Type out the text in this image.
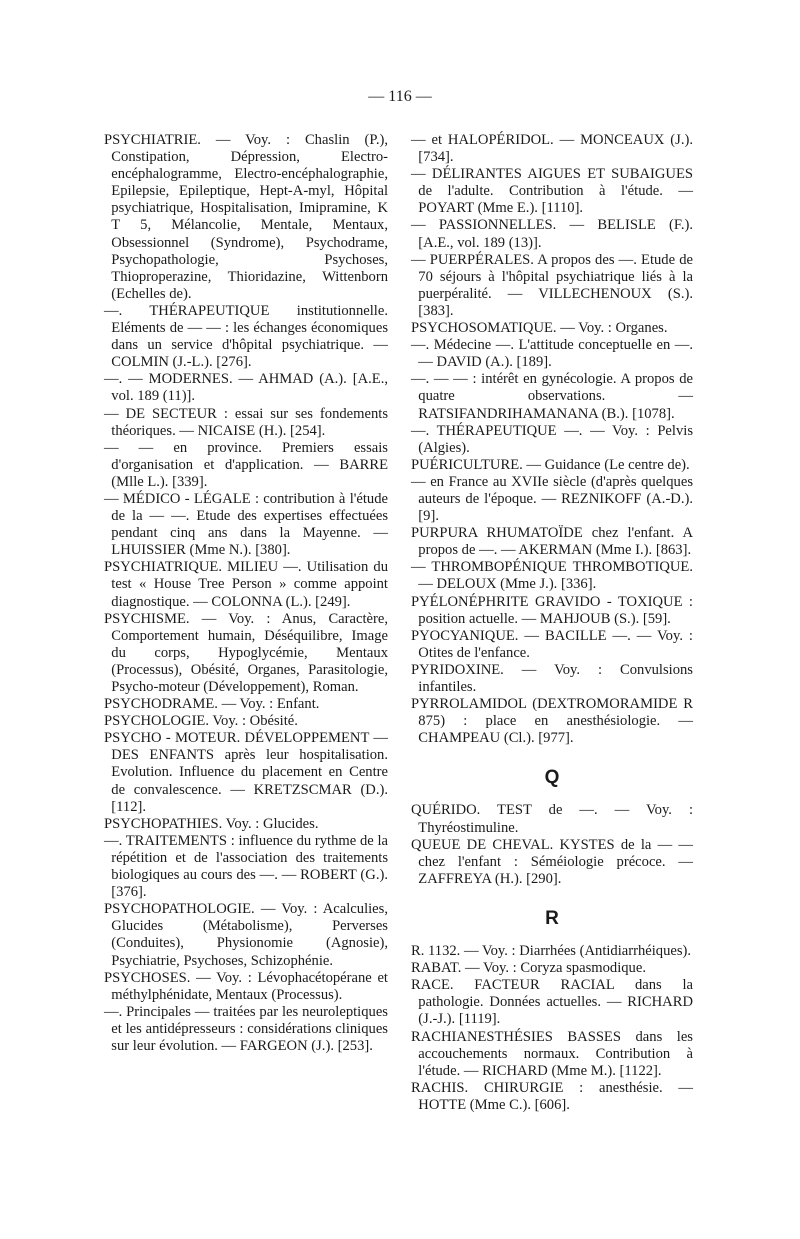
— 116 —

PSYCHIATRIE. — Voy. : Chaslin (P.), Constipation, Dépression, Electro-encéphalogramme, Electro-encéphalographie, Epilepsie, Epileptique, Hept-A-myl, Hôpital psychiatrique, Hospitalisation, Imipramine, K T 5, Mélancolie, Mentale, Mentaux, Obsessionnel (Syndrome), Psychodrame, Psychopathologie, Psychoses, Thioproperazine, Thioridazine, Wittenborn (Echelles de).

—. THÉRAPEUTIQUE institutionnelle. Eléments de — — : les échanges économiques dans un service d'hôpital psychiatrique. — COLMIN (J.-L.). [276].

—. — MODERNES. — AHMAD (A.). [A.E., vol. 189 (11)].

— DE SECTEUR : essai sur ses fondements théoriques. — NICAISE (H.). [254].

— — en province. Premiers essais d'organisation et d'application. — BARRE (Mlle L.). [339].

— MÉDICO - LÉGALE : contribution à l'étude de la — —. Etude des expertises effectuées pendant cinq ans dans la Mayenne. — LHUISSIER (Mme N.). [380].

PSYCHIATRIQUE. MILIEU —. Utilisation du test « House Tree Person » comme appoint diagnostique. — COLONNA (L.). [249].

PSYCHISME. — Voy. : Anus, Caractère, Comportement humain, Déséquilibre, Image du corps, Hypoglycémie, Mentaux (Processus), Obésité, Organes, Parasitologie, Psycho-moteur (Développement), Roman.

PSYCHODRAME. — Voy. : Enfant.

PSYCHOLOGIE. Voy. : Obésité.

PSYCHO - MOTEUR. DÉVELOPPEMENT — DES ENFANTS après leur hospitalisation. Evolution. Influence du placement en Centre de convalescence. — KRETZSCMAR (D.). [112].

PSYCHOPATHIES. Voy. : Glucides.

—. TRAITEMENTS : influence du rythme de la répétition et de l'association des traitements biologiques au cours des —. — ROBERT (G.). [376].

PSYCHOPATHOLOGIE. — Voy. : Acalculies, Glucides (Métabolisme), Perverses (Conduites), Physionomie (Agnosie), Psychiatrie, Psychoses, Schizophénie.

PSYCHOSES. — Voy. : Lévophacétopérane et méthylphénidate, Mentaux (Processus).

—. Principales — traitées par les neuroleptiques et les antidépresseurs : considérations cliniques sur leur évolution. — FARGEON (J.). [253].

— et HALOPÉRIDOL. — MONCEAUX (J.). [734].

— DÉLIRANTES AIGUES ET SUBAIGUES de l'adulte. Contribution à l'étude. — POYART (Mme E.). [1110].

— PASSIONNELLES. — BELISLE (F.). [A.E., vol. 189 (13)].

— PUERPÉRALES. A propos des —. Etude de 70 séjours à l'hôpital psychiatrique liés à la puerpéralité. — VILLECHENOUX (S.). [383].

PSYCHOSOMATIQUE. — Voy. : Organes.

—. Médecine —. L'attitude conceptuelle en —. — DAVID (A.). [189].

—. — — : intérêt en gynécologie. A propos de quatre observations. — RATSIFANDRIHAMANANA (B.). [1078].

—. THÉRAPEUTIQUE —. — Voy. : Pelvis (Algies).

PUÉRICULTURE. — Guidance (Le centre de).

— en France au XVIIe siècle (d'après quelques auteurs de l'époque. — REZNIKOFF (A.-D.). [9].

PURPURA RHUMATOÏDE chez l'enfant. A propos de —. — AKERMAN (Mme I.). [863].

— THROMBOPÉNIQUE THROMBOTIQUE. — DELOUX (Mme J.). [336].

PYÉLONÉPHRITE GRAVIDO - TOXIQUE : position actuelle. — MAHJOUB (S.). [59].

PYOCYANIQUE. — BACILLE —. — Voy. : Otites de l'enfance.

PYRIDOXINE. — Voy. : Convulsions infantiles.

PYRROLAMIDOL (DEXTROMORAMIDE R 875) : place en anesthésiologie. — CHAMPEAU (Cl.). [977].

Q

QUÉRIDO. TEST de —. — Voy. : Thyréostimuline.

QUEUE DE CHEVAL. KYSTES de la — — chez l'enfant : Séméiologie précoce. — ZAFFREYA (H.). [290].

R

R. 1132. — Voy. : Diarrhées (Antidiarrhéiques).

RABAT. — Voy. : Coryza spasmodique.

RACE. FACTEUR RACIAL dans la pathologie. Données actuelles. — RICHARD (J.-J.). [1119].

RACHIANESTHÉSIES BASSES dans les accouchements normaux. Contribution à l'étude. — RICHARD (Mme M.). [1122].

RACHIS. CHIRURGIE : anesthésie. — HOTTE (Mme C.). [606].
